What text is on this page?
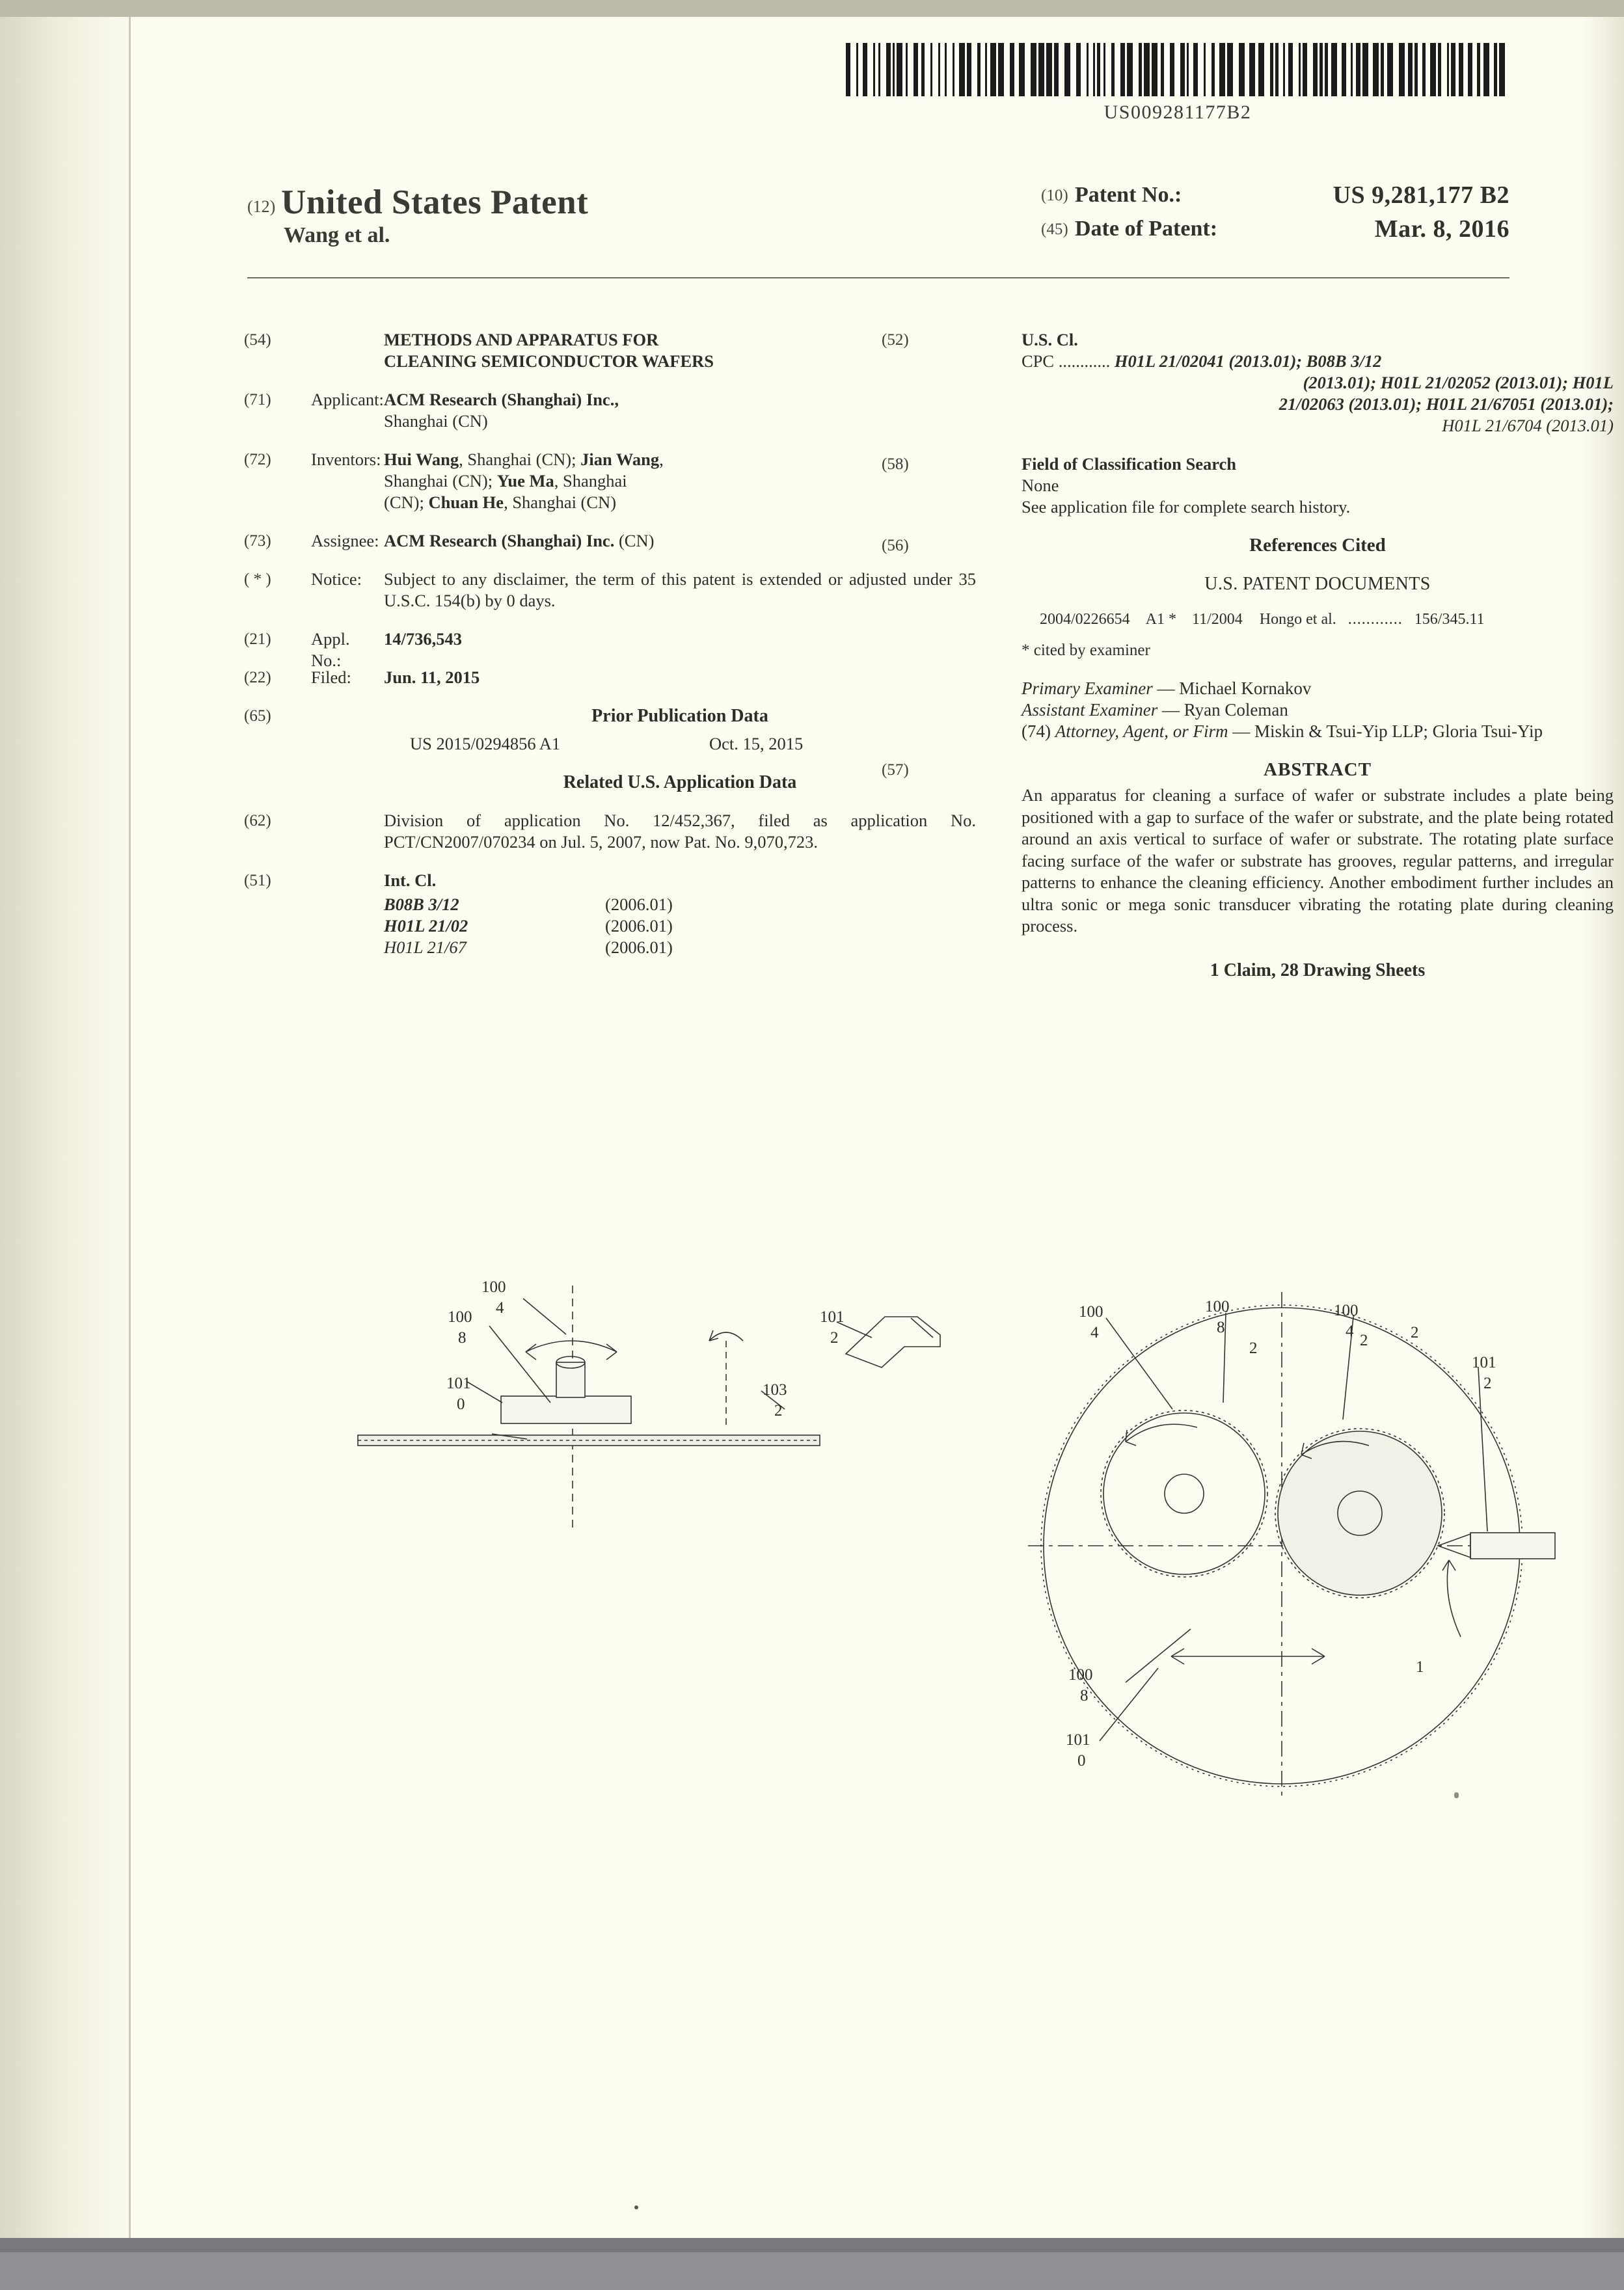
US009281177B2
(12) United States Patent
Wang et al.
(10) Patent No.:	US 9,281,177 B2
(45) Date of Patent:	Mar. 8, 2016
(54)	METHODS AND APPARATUS FOR
CLEANING SEMICONDUCTOR WAFERS
(71)	Applicant: ACM Research (Shanghai) Inc.,
Shanghai (CN)
(72)	Inventors: Hui Wang, Shanghai (CN); Jian Wang,
Shanghai (CN); Yue Ma, Shanghai
(CN); Chuan He, Shanghai (CN)
(73)	Assignee: ACM Research (Shanghai) Inc. (CN)
( * )	Notice:	Subject to any disclaimer, the term of this patent is extended or adjusted under 35 U.S.C. 154(b) by 0 days.
(21)	Appl. No.:
14/736,543
(22)	Filed:	Jun. 11, 2015
(65)	Prior Publication Data
US 2015/0294856 A1	Oct. 15, 2015
Related U.S. Application Data
(62)	Division of application No. 12/452,367, filed as application No. PCT/CN2007/070234 on Jul. 5, 2007, now Pat. No. 9,070,723.
(51)	Int. Cl.
B08B 3/12	(2006.01)
H01L 21/02	(2006.01)
H01L 21/67	(2006.01)
(52)	U.S. Cl.
CPC ............ H01L 21/02041 (2013.01); B08B 3/12
(2013.01); H01L 21/02052 (2013.01); H01L
21/02063 (2013.01); H01L 21/67051 (2013.01);
H01L 21/6704 (2013.01)
(58)	Field of Classification Search
None
See application file for complete search history.
(56)	References Cited
U.S. PATENT DOCUMENTS
2004/0226654 A1 * 11/2004 Hongo et al. ............ 156/345.11
* cited by examiner
Primary Examiner — Michael Kornakov
Assistant Examiner — Ryan Coleman
(74) Attorney, Agent, or Firm — Miskin & Tsui-Yip LLP; Gloria Tsui-Yip
(57)	ABSTRACT
An apparatus for cleaning a surface of wafer or substrate includes a plate being positioned with a gap to surface of the wafer or substrate, and the plate being rotated around an axis vertical to surface of wafer or substrate. The rotating plate surface facing surface of the wafer or substrate has grooves, regular patterns, and irregular patterns to enhance the cleaning efficiency. Another embodiment further includes an ultra sonic or mega sonic transducer vibrating the rotating plate during cleaning process.
1 Claim, 28 Drawing Sheets
100
4
100
8
101
0
101
2
103
2
100
4
100
8
100
4
101
2
100
8
101
0
2	2	2
1
